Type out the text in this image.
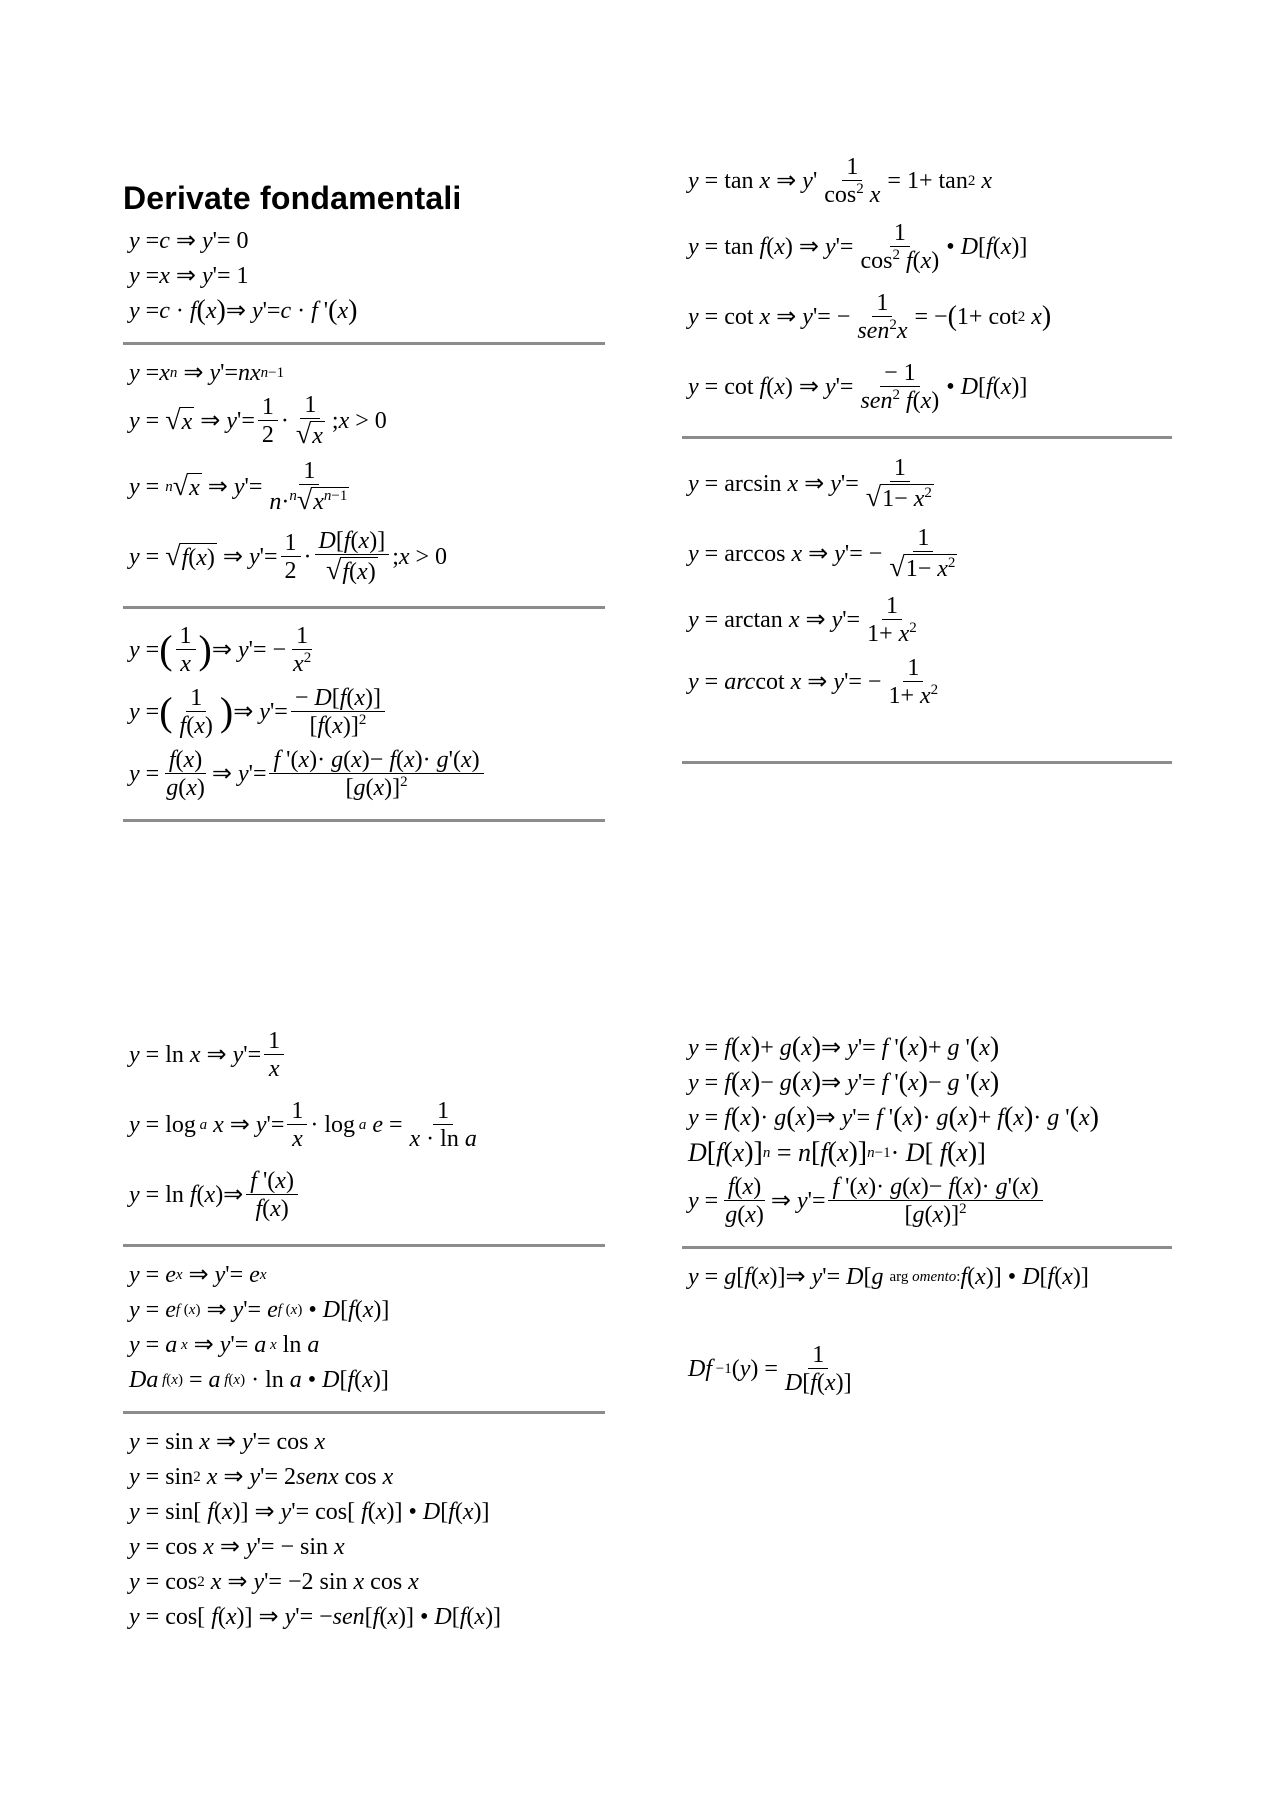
Derivate fondamentali
y = c ⇒ y '= 0
y = x ⇒ y '= 1
y = c · f ( x ) ⇒ y '= c · f ' ( x )
y = x n ⇒ y '= nx n−1
y = √ x ⇒ y '= $\frac{1}{2} \cdot \frac{1}{√ x}$ ; x > 0
y = n √ x ⇒ y '= $\frac{1}{n\cdot^n √ x^{n-1}}$
y = √ f(x) ⇒ y '= $\frac{1}{2} \cdot \frac{D[f(x)]}{√ f(x)}$ ; x > 0
y = ( $\frac{1}{x}$ ) ⇒ y '= − $\frac{1}{x^2}$
y = ( $\frac{1}{f(x)}$ ) ⇒ y '= $\frac{- D[f(x)]}{[f(x)]^2}$
$y = \frac{f(x)}{g(x)}$ ⇒ y '= $\frac{f '(x)\cdot g(x)- f(x)\cdot g'(x)}{[g(x)]^2}$
y = tan x ⇒ y ' $\frac{1}{\cos^2 x} = 1+ \tan 2$
x
y = tan f ( x ) ⇒ y '= $\frac{1}{\cos^2 f(x)}$ • D [ f ( x )]
y = cot x ⇒ y '= − $\frac{1}{sen^2x}$ = − ( 1+ cot 2
x )
y = cot f ( x ) ⇒ y '= $\frac{- 1}{sen^2 f(x)}$ • D [ f ( x )]
y = arcsin x ⇒ y '= $\frac{1}{√ 1- x^2}$
y = arccos x ⇒ y '= − $\frac{1}{√ 1- x^2}$
y = arctan x ⇒ y '= $\frac{1}{1+ x^2}$
y = arc cot x ⇒ y '= − $\frac{1}{1+ x^2}$
y = ln x ⇒ y '= $\frac{1}{x}$
y = log a
x ⇒ y '= $\frac{1}{x} \cdot \log a$
$e = \frac{1}{\text{x · ln a}}$
y = ln f ( x )⇒ $\frac{f '(x)}{f(x)}$
y = e x ⇒ y '= e x
y = e f (x) ⇒ y '= e f (x) • D [ f ( x )]
y = a x ⇒ y '= a x ln a
Da f(x) = a f(x) · ln a • D [ f ( x )]
y = sin x ⇒ y '= cos x
y = sin 2
x ⇒ y '= 2 senx cos x
y = sin[ f ( x )] ⇒ y '= cos[ f ( x )] • D [ f ( x )]
y = cos x ⇒ y '= − sin x
y = cos 2
x ⇒ y '= −2 sin x cos x
y = cos[ f ( x )] ⇒ y '= − sen [ f ( x )] • D [ f ( x )]
y = f ( x ) + g ( x ) ⇒ y '= f ' ( x ) + g ' ( x )
y = f ( x ) − g ( x ) ⇒ y '= f ' ( x ) − g ' ( x )
y = f ( x ) · g ( x ) ⇒ y '= f ' ( x ) · g ( x ) + f ( x ) · g ' ( x )
D [ f ( x )] n = n [ f ( x )] n−1 · D [ f ( x ) ]
$y = \frac{f(x)}{g(x)}$ ⇒ y '= $\frac{f '(x)\cdot g(x)- f(x)\cdot g'(x)}{[g(x)]^2}$
y = g [ f ( x )]⇒ y '= D [ g
arg omento: f ( x )] • D [ f ( x )]
Df −1 ( y ) = $\frac{1}{D[f(x)]}$
